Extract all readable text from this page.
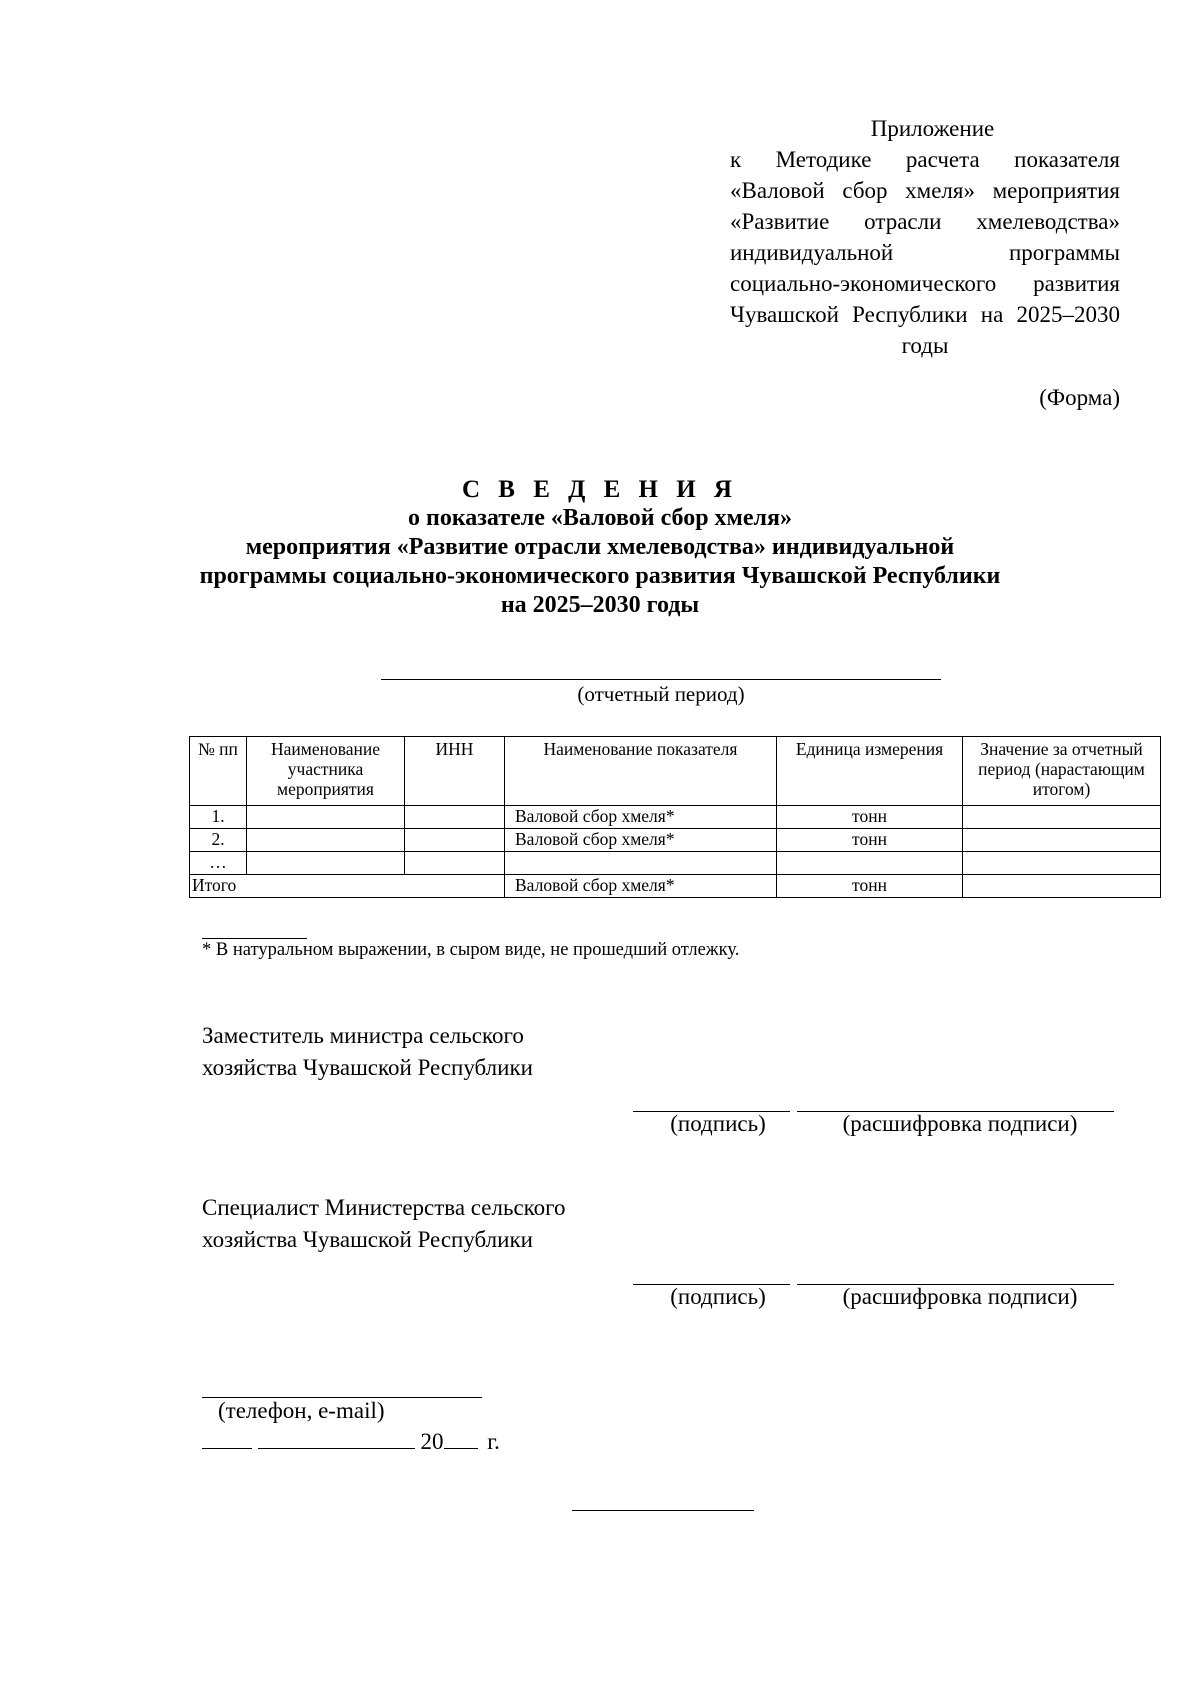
Приложение
к Методике расчета показателя «Валовой сбор хмеля» мероприятия «Развитие отрасли хмелеводства» индивидуальной программы социально-экономического развития Чувашской Республики на 2025–2030 годы
(Форма)
С В Е Д Е Н И Я
о показателе «Валовой сбор хмеля»
мероприятия «Развитие отрасли хмелеводства» индивидуальной
программы социально-экономического развития Чувашской Республики
на 2025–2030 годы
(отчетный период)
№ пп	Наименование участника мероприятия	ИНН	Наименование показателя	Единица измерения	Значение за отчетный период (нарастающим итогом)
1.			Валовой сбор хмеля*	тонн	
2.			Валовой сбор хмеля*	тонн	
…					
Итого			Валовой сбор хмеля*	тонн	
* В натуральном выражении, в сыром виде, не прошедший отлежку.
Заместитель министра сельского
хозяйства Чувашской Республики
(подпись)	(расшифровка подписи)
Специалист Министерства сельского
хозяйства Чувашской Республики
(подпись)	(расшифровка подписи)
(телефон, e-mail)
20 г.
